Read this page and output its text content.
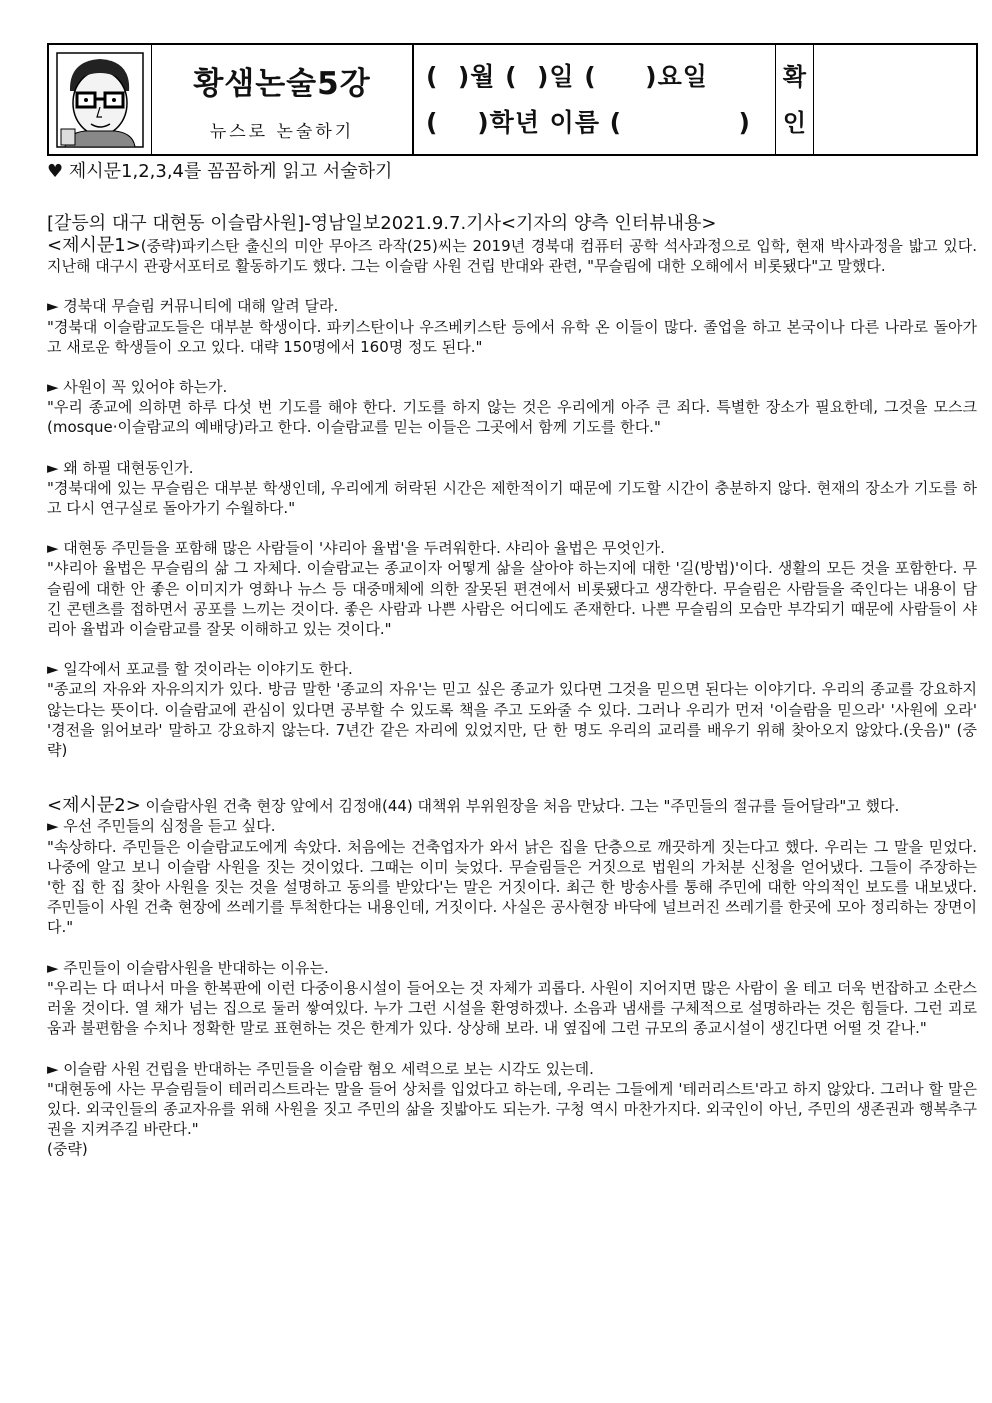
황샘논술5강
뉴스로 논술하기
(  )월 (  )일 (     )요일
(    )학년 이름 (            )
확
인

♥ 제시문1,2,3,4를 꼼꼼하게 읽고 서술하기

[갈등의 대구 대현동 이슬람사원]-영남일보2021.9.7.기사<기자의 양측 인터뷰내용>

<제시문1>(중략)파키스탄 출신의 미안 무아즈 라작(25)씨는 2019년 경북대 컴퓨터 공학 석사과정으로 입학, 현재 박사과정을 밟고 있다. 지난해 대구시 관광서포터로 활동하기도 했다. 그는 이슬람 사원 건립 반대와 관련, "무슬림에 대한 오해에서 비롯됐다"고 말했다.

► 경북대 무슬림 커뮤니티에 대해 알려 달라.

"경북대 이슬람교도들은 대부분 학생이다. 파키스탄이나 우즈베키스탄 등에서 유학 온 이들이 많다. 졸업을 하고 본국이나 다른 나라로 돌아가고 새로운 학생들이 오고 있다. 대략 150명에서 160명 정도 된다."

► 사원이 꼭 있어야 하는가.

"우리 종교에 의하면 하루 다섯 번 기도를 해야 한다. 기도를 하지 않는 것은 우리에게 아주 큰 죄다. 특별한 장소가 필요한데, 그것을 모스크(mosque·이슬람교의 예배당)라고 한다. 이슬람교를 믿는 이들은 그곳에서 함께 기도를 한다."

► 왜 하필 대현동인가.

"경북대에 있는 무슬림은 대부분 학생인데, 우리에게 허락된 시간은 제한적이기 때문에 기도할 시간이 충분하지 않다. 현재의 장소가 기도를 하고 다시 연구실로 돌아가기 수월하다."

► 대현동 주민들을 포함해 많은 사람들이 '샤리아 율법'을 두려워한다. 샤리아 율법은 무엇인가.

"샤리아 율법은 무슬림의 삶 그 자체다. 이슬람교는 종교이자 어떻게 삶을 살아야 하는지에 대한 '길(방법)'이다. 생활의 모든 것을 포함한다. 무슬림에 대한 안 좋은 이미지가 영화나 뉴스 등 대중매체에 의한 잘못된 편견에서 비롯됐다고 생각한다. 무슬림은 사람들을 죽인다는 내용이 담긴 콘텐츠를 접하면서 공포를 느끼는 것이다. 좋은 사람과 나쁜 사람은 어디에도 존재한다. 나쁜 무슬림의 모습만 부각되기 때문에 사람들이 샤리아 율법과 이슬람교를 잘못 이해하고 있는 것이다."

► 일각에서 포교를 할 것이라는 이야기도 한다.

"종교의 자유와 자유의지가 있다. 방금 말한 '종교의 자유'는 믿고 싶은 종교가 있다면 그것을 믿으면 된다는 이야기다. 우리의 종교를 강요하지 않는다는 뜻이다. 이슬람교에 관심이 있다면 공부할 수 있도록 책을 주고 도와줄 수 있다. 그러나 우리가 먼저 '이슬람을 믿으라' '사원에 오라' '경전을 읽어보라' 말하고 강요하지 않는다. 7년간 같은 자리에 있었지만, 단 한 명도 우리의 교리를 배우기 위해 찾아오지 않았다.(웃음)" (중략)

<제시문2> 이슬람사원 건축 현장 앞에서 김정애(44) 대책위 부위원장을 처음 만났다. 그는 "주민들의 절규를 들어달라"고 했다.

► 우선 주민들의 심정을 듣고 싶다.

"속상하다. 주민들은 이슬람교도에게 속았다. 처음에는 건축업자가 와서 낡은 집을 단층으로 깨끗하게 짓는다고 했다. 우리는 그 말을 믿었다. 나중에 알고 보니 이슬람 사원을 짓는 것이었다. 그때는 이미 늦었다. 무슬림들은 거짓으로 법원의 가처분 신청을 얻어냈다. 그들이 주장하는 '한 집 한 집 찾아 사원을 짓는 것을 설명하고 동의를 받았다'는 말은 거짓이다. 최근 한 방송사를 통해 주민에 대한 악의적인 보도를 내보냈다. 주민들이 사원 건축 현장에 쓰레기를 투척한다는 내용인데, 거짓이다. 사실은 공사현장 바닥에 널브러진 쓰레기를 한곳에 모아 정리하는 장면이다."

► 주민들이 이슬람사원을 반대하는 이유는.

"우리는 다 떠나서 마을 한복판에 이런 다중이용시설이 들어오는 것 자체가 괴롭다. 사원이 지어지면 많은 사람이 올 테고 더욱 번잡하고 소란스러울 것이다. 열 채가 넘는 집으로 둘러 쌓여있다. 누가 그런 시설을 환영하겠나. 소음과 냄새를 구체적으로 설명하라는 것은 힘들다. 그런 괴로움과 불편함을 수치나 정확한 말로 표현하는 것은 한계가 있다. 상상해 보라. 내 옆집에 그런 규모의 종교시설이 생긴다면 어떨 것 같나."

► 이슬람 사원 건립을 반대하는 주민들을 이슬람 혐오 세력으로 보는 시각도 있는데.

"대현동에 사는 무슬림들이 테러리스트라는 말을 들어 상처를 입었다고 하는데, 우리는 그들에게 '테러리스트'라고 하지 않았다. 그러나 할 말은 있다. 외국인들의 종교자유를 위해 사원을 짓고 주민의 삶을 짓밟아도 되는가. 구청 역시 마찬가지다. 외국인이 아닌, 주민의 생존권과 행복추구권을 지켜주길 바란다."

(중략)
